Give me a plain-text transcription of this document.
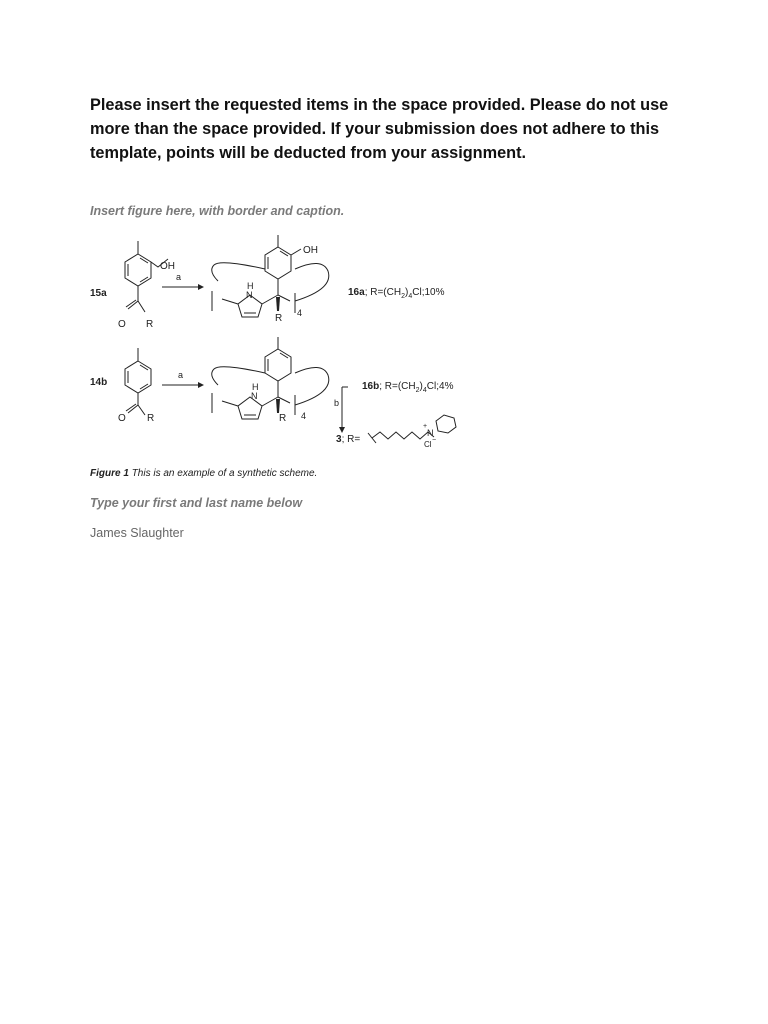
Please insert the requested items in the space provided. Please do not use more than the space provided. If your submission does not adhere to this template, points will be deducted from your assignment.

Insert figure here, with border and caption.

15a
OH
O R
a
OH
H
N
R 4
16a; $R=(CH_2)_4Cl;10\%$
14b
O R
a
H
N
R 4
b
16b; $R=(CH_2)_4Cl;4\%$
3; R=
N
+
Cl −

Figure 1 This is an example of a synthetic scheme.

Type your first and last name below

James Slaughter
